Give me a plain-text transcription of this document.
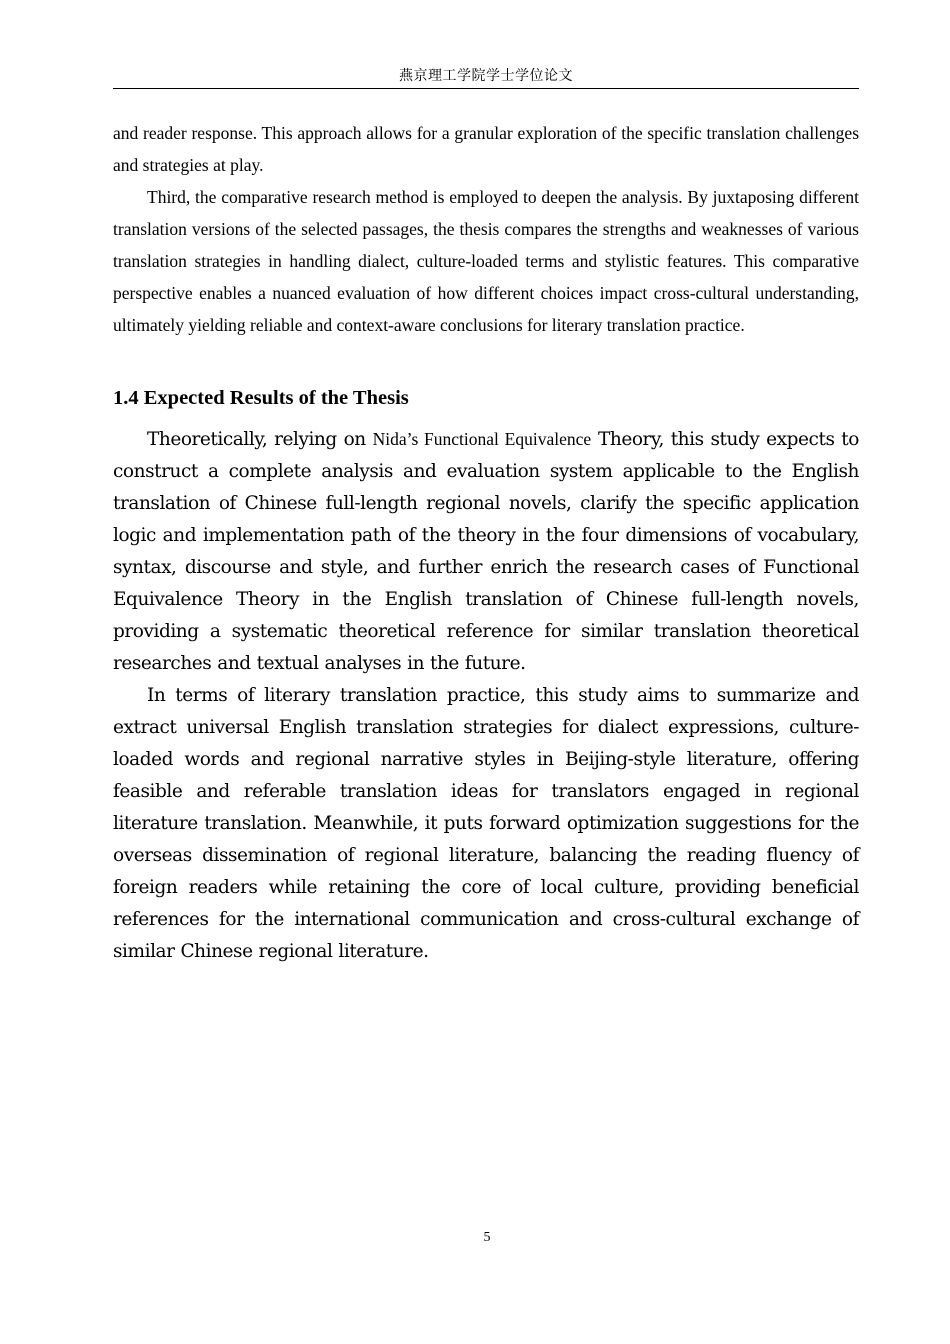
燕京理工学院学士学位论文

and reader response. This approach allows for a granular exploration of the specific translation challenges and strategies at play.

Third, the comparative research method is employed to deepen the analysis. By juxtaposing different translation versions of the selected passages, the thesis compares the strengths and weaknesses of various translation strategies in handling dialect, culture-loaded terms and stylistic features. This comparative perspective enables a nuanced evaluation of how different choices impact cross-cultural understanding, ultimately yielding reliable and context-aware conclusions for literary translation practice.

1.4 Expected Results of the Thesis

Theoretically, relying on Nida’s Functional Equivalence Theory, this study expects to construct a complete analysis and evaluation system applicable to the English translation of Chinese full-length regional novels, clarify the specific application logic and implementation path of the theory in the four dimensions of vocabulary, syntax, discourse and style, and further enrich the research cases of Functional Equivalence Theory in the English translation of Chinese full-length novels, providing a systematic theoretical reference for similar translation theoretical researches and textual analyses in the future.

In terms of literary translation practice, this study aims to summarize and extract universal English translation strategies for dialect expressions, culture-loaded words and regional narrative styles in Beijing-style literature, offering feasible and referable translation ideas for translators engaged in regional literature translation. Meanwhile, it puts forward optimization suggestions for the overseas dissemination of regional literature, balancing the reading fluency of foreign readers while retaining the core of local culture, providing beneficial references for the international communication and cross-cultural exchange of similar Chinese regional literature.

5
